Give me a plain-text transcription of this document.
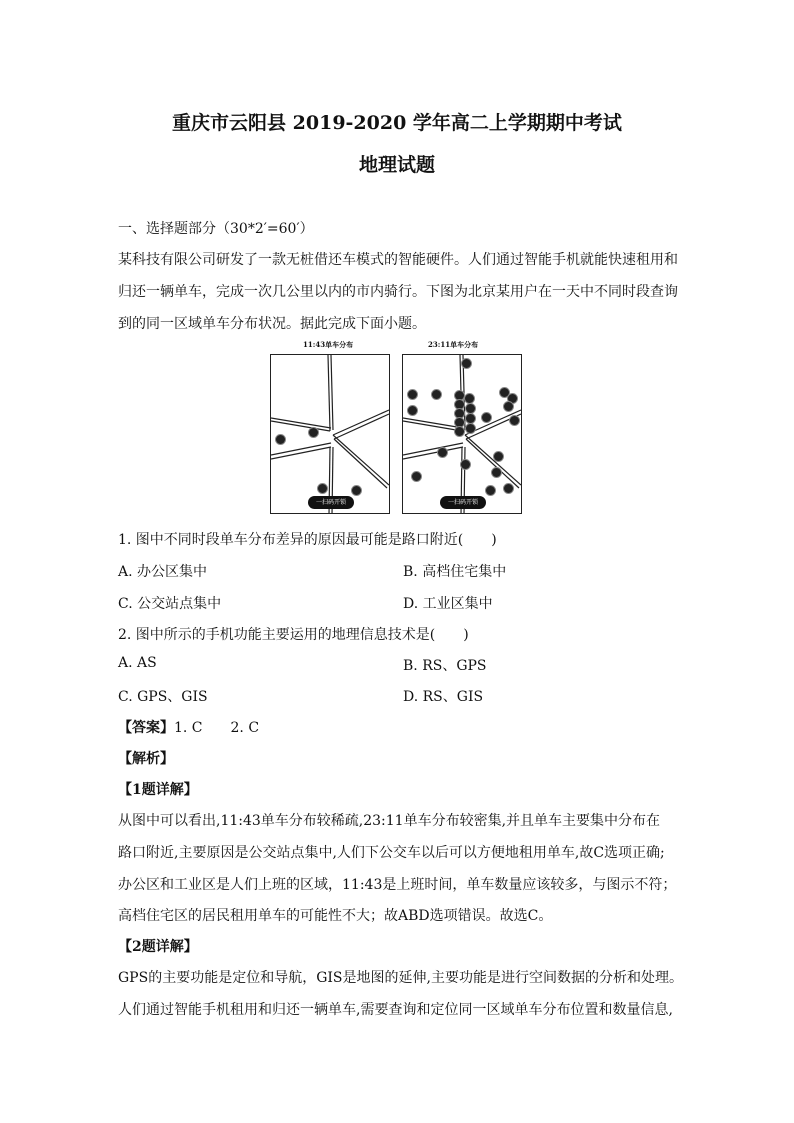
重庆市云阳县 2019-2020 学年高二上学期期中考试
地理试题
一、选择题部分（30*2′=60′）
某科技有限公司研发了一款无桩借还车模式的智能硬件。人们通过智能手机就能快速租用和
归还一辆单车，完成一次几公里以内的市内骑行。下图为北京某用户在一天中不同时段查询
到的同一区域单车分布状况。据此完成下面小题。
11:43单车分布	23:11单车分布
一扫码开锁	一扫码开锁
1. 图中不同时段单车分布差异的原因最可能是路口附近(　　)
A. 办公区集中	B. 高档住宅集中
C. 公交站点集中	D. 工业区集中
2. 图中所示的手机功能主要运用的地理信息技术是(　　)
A. AS	B. RS、GPS
C. GPS、GIS	D. RS、GIS
【答案】1. C　　2. C
【解析】
【1题详解】
从图中可以看出,11:43单车分布较稀疏,23:11单车分布较密集,并且单车主要集中分布在
路口附近,主要原因是公交站点集中,人们下公交车以后可以方便地租用单车,故C选项正确;
办公区和工业区是人们上班的区域，11:43是上班时间，单车数量应该较多，与图示不符；
高档住宅区的居民租用单车的可能性不大；故ABD选项错误。故选C。
【2题详解】
GPS的主要功能是定位和导航，GIS是地图的延伸,主要功能是进行空间数据的分析和处理。
人们通过智能手机租用和归还一辆单车,需要查询和定位同一区域单车分布位置和数量信息,
